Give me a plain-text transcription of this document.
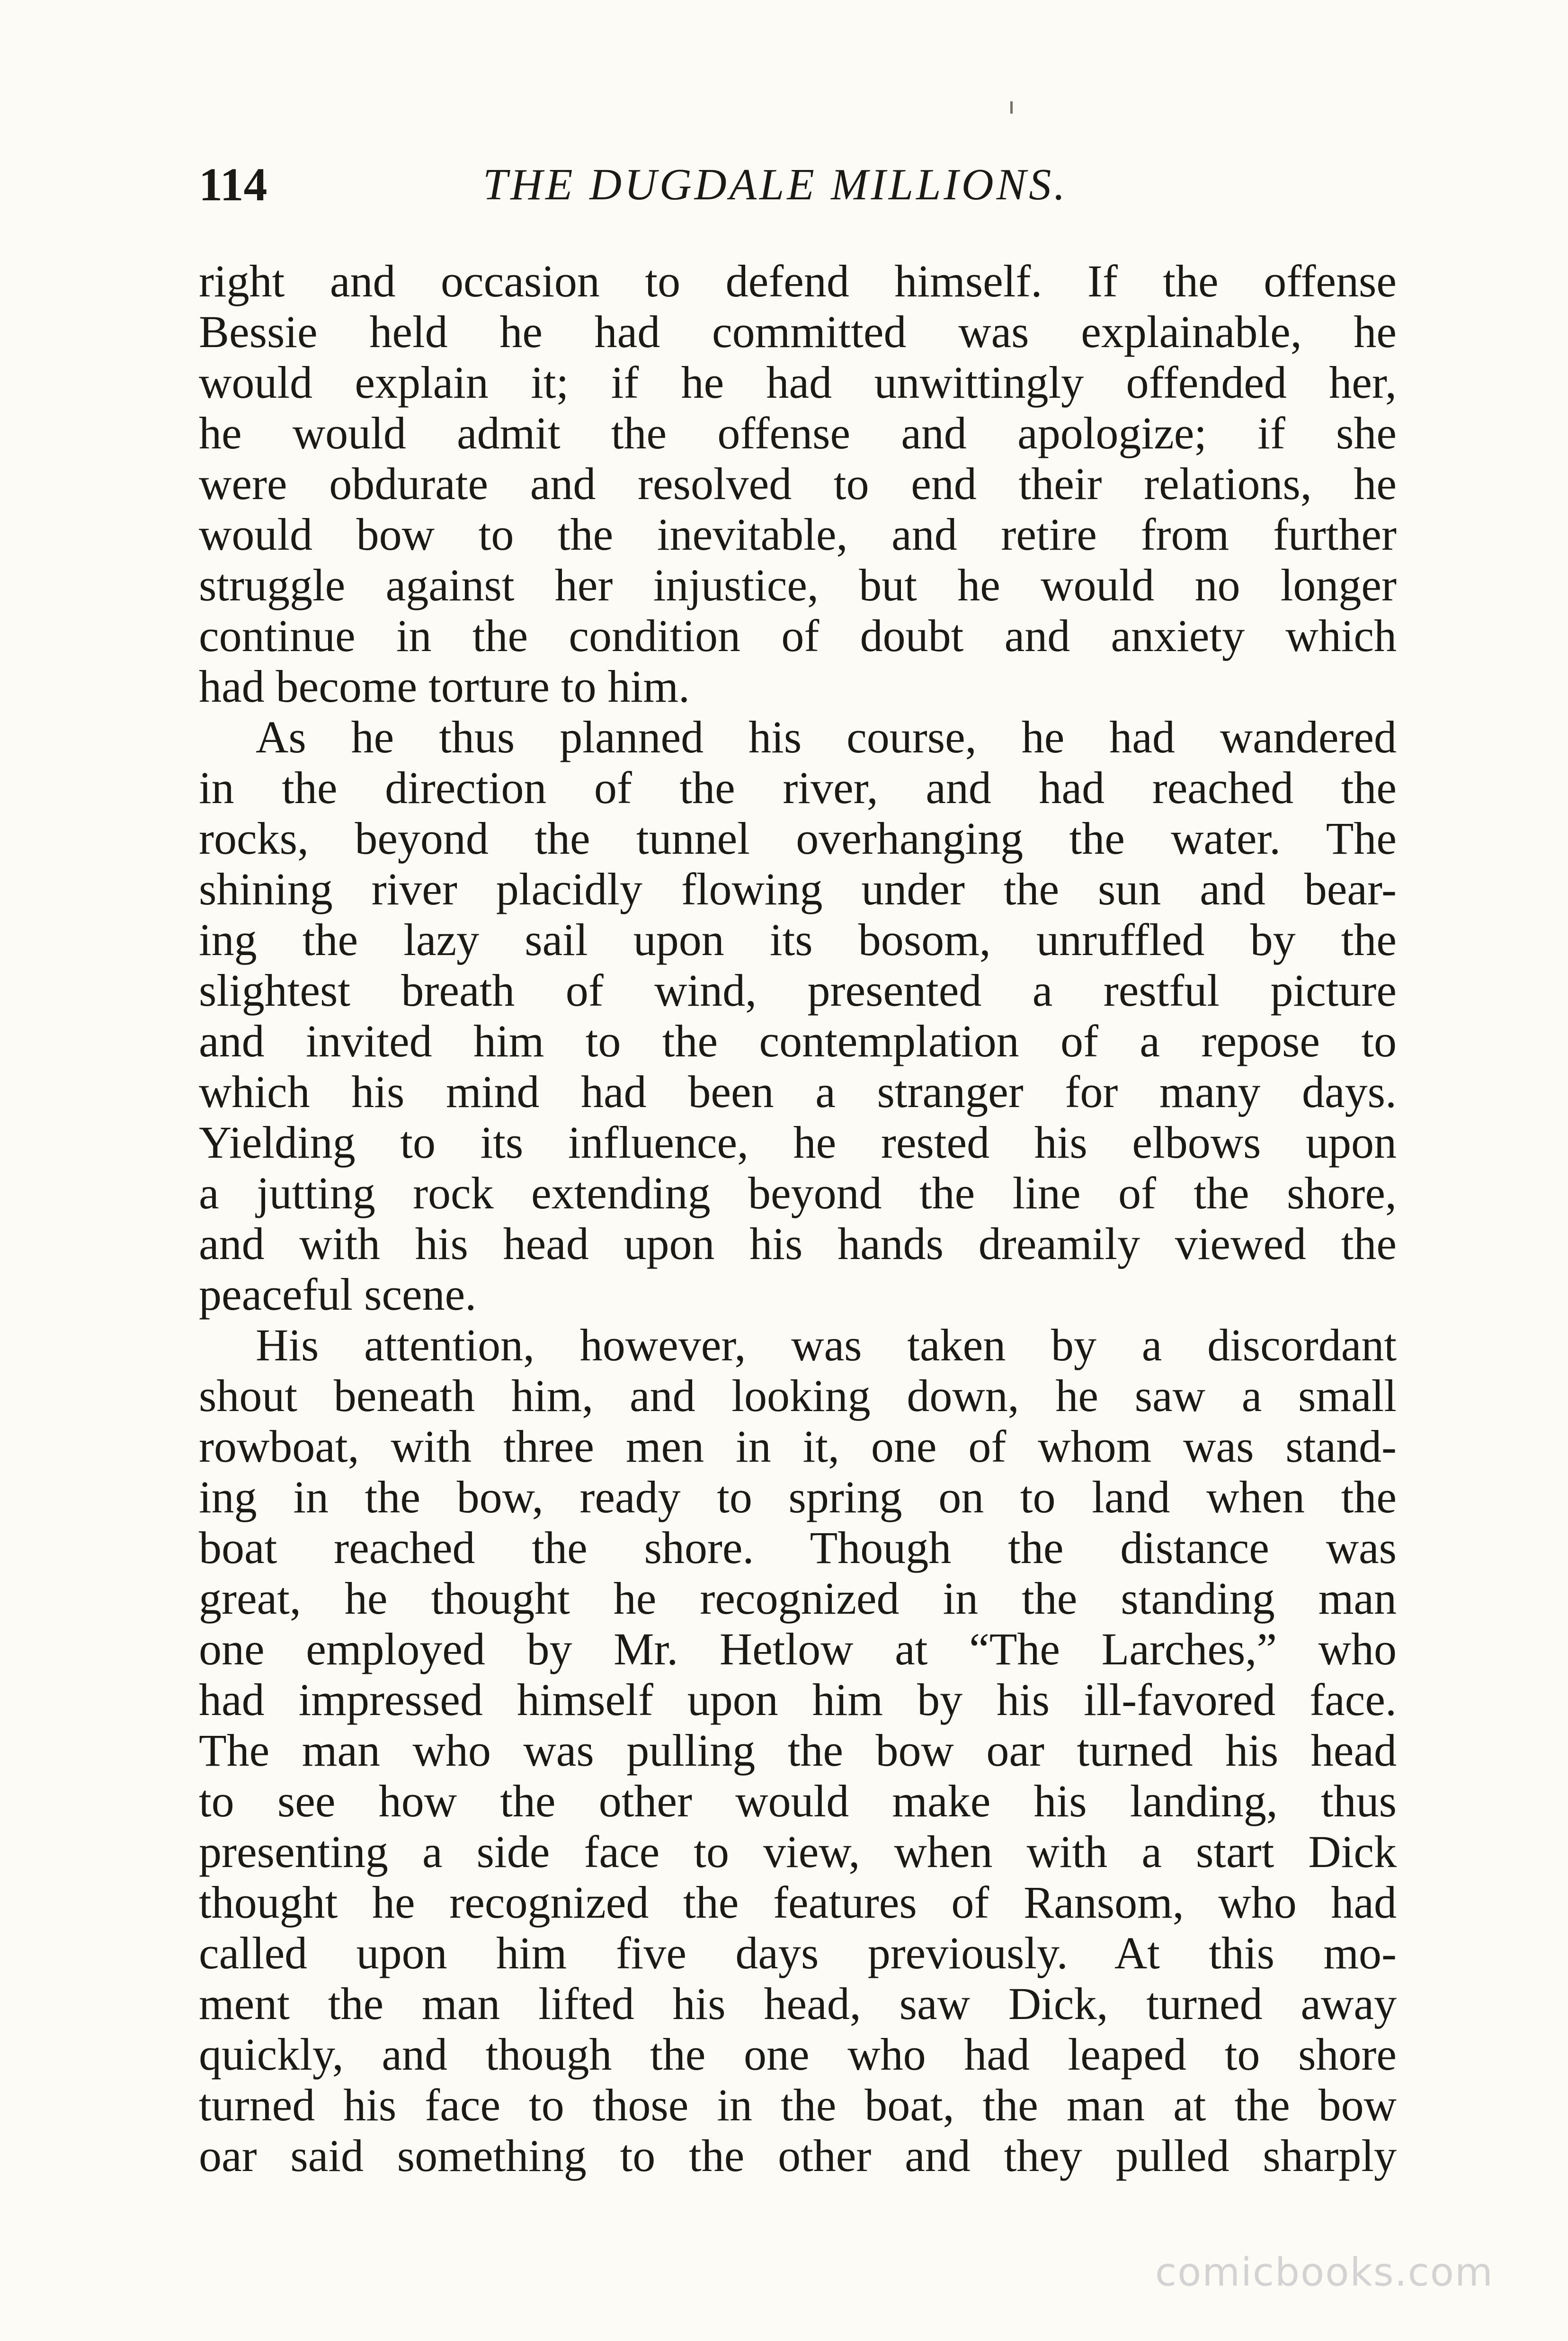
114	THE DUGDALE MILLIONS.
right and occasion to defend himself. If the offense
Bessie held he had committed was explainable, he
would explain it; if he had unwittingly offended her,
he would admit the offense and apologize; if she
were obdurate and resolved to end their relations, he
would bow to the inevitable, and retire from further
struggle against her injustice, but he would no longer
continue in the condition of doubt and anxiety which
had become torture to him.
As he thus planned his course, he had wandered
in the direction of the river, and had reached the
rocks, beyond the tunnel overhanging the water. The
shining river placidly flowing under the sun and bear-
ing the lazy sail upon its bosom, unruffled by the
slightest breath of wind, presented a restful picture
and invited him to the contemplation of a repose to
which his mind had been a stranger for many days.
Yielding to its influence, he rested his elbows upon
a jutting rock extending beyond the line of the shore,
and with his head upon his hands dreamily viewed the
peaceful scene.
His attention, however, was taken by a discordant
shout beneath him, and looking down, he saw a small
rowboat, with three men in it, one of whom was stand-
ing in the bow, ready to spring on to land when the
boat reached the shore. Though the distance was
great, he thought he recognized in the standing man
one employed by Mr. Hetlow at “The Larches,” who
had impressed himself upon him by his ill-favored face.
The man who was pulling the bow oar turned his head
to see how the other would make his landing, thus
presenting a side face to view, when with a start Dick
thought he recognized the features of Ransom, who had
called upon him five days previously. At this mo-
ment the man lifted his head, saw Dick, turned away
quickly, and though the one who had leaped to shore
turned his face to those in the boat, the man at the bow
oar said something to the other and they pulled sharply
comicbooks.com
